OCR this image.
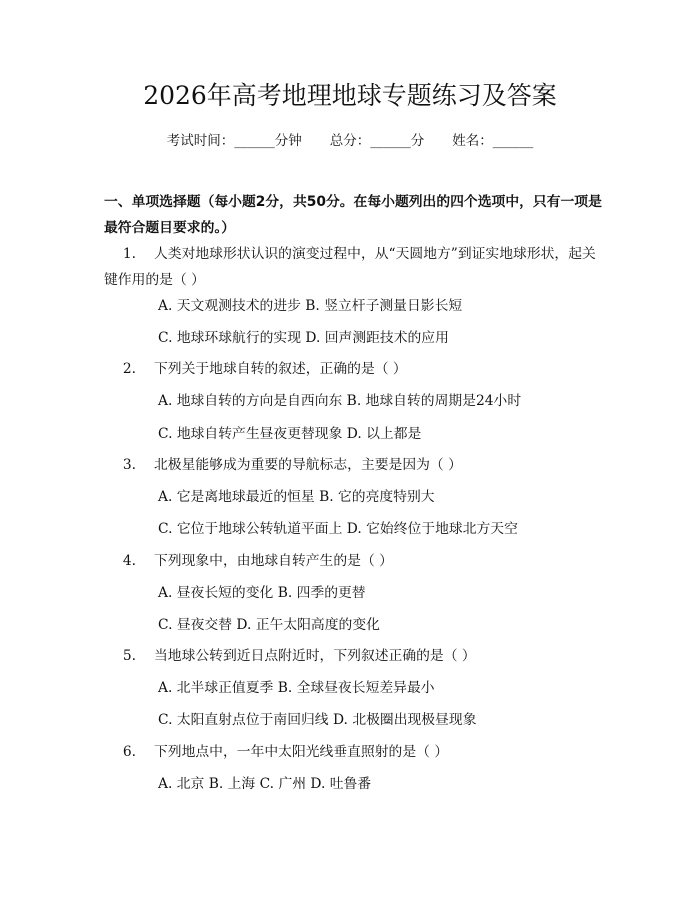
2026年高考地理地球专题练习及答案
考试时间：______分钟 总分：______分 姓名：______
一、单项选择题（每小题2分，共50分。在每小题列出的四个选项中，只有一项是最符合题目要求的。）
1. 人类对地球形状认识的演变过程中，从“天圆地方”到证实地球形状，起关键作用的是（ ）
A. 天文观测技术的进步 B. 竖立杆子测量日影长短
C. 地球环球航行的实现 D. 回声测距技术的应用
2. 下列关于地球自转的叙述，正确的是（ ）
A. 地球自转的方向是自西向东 B. 地球自转的周期是24小时
C. 地球自转产生昼夜更替现象 D. 以上都是
3. 北极星能够成为重要的导航标志，主要是因为（ ）
A. 它是离地球最近的恒星 B. 它的亮度特别大
C. 它位于地球公转轨道平面上 D. 它始终位于地球北方天空
4. 下列现象中，由地球自转产生的是（ ）
A. 昼夜长短的变化 B. 四季的更替
C. 昼夜交替 D. 正午太阳高度的变化
5. 当地球公转到近日点附近时，下列叙述正确的是（ ）
A. 北半球正值夏季 B. 全球昼夜长短差异最小
C. 太阳直射点位于南回归线 D. 北极圈出现极昼现象
6. 下列地点中，一年中太阳光线垂直照射的是（ ）
A. 北京 B. 上海 C. 广州 D. 吐鲁番
